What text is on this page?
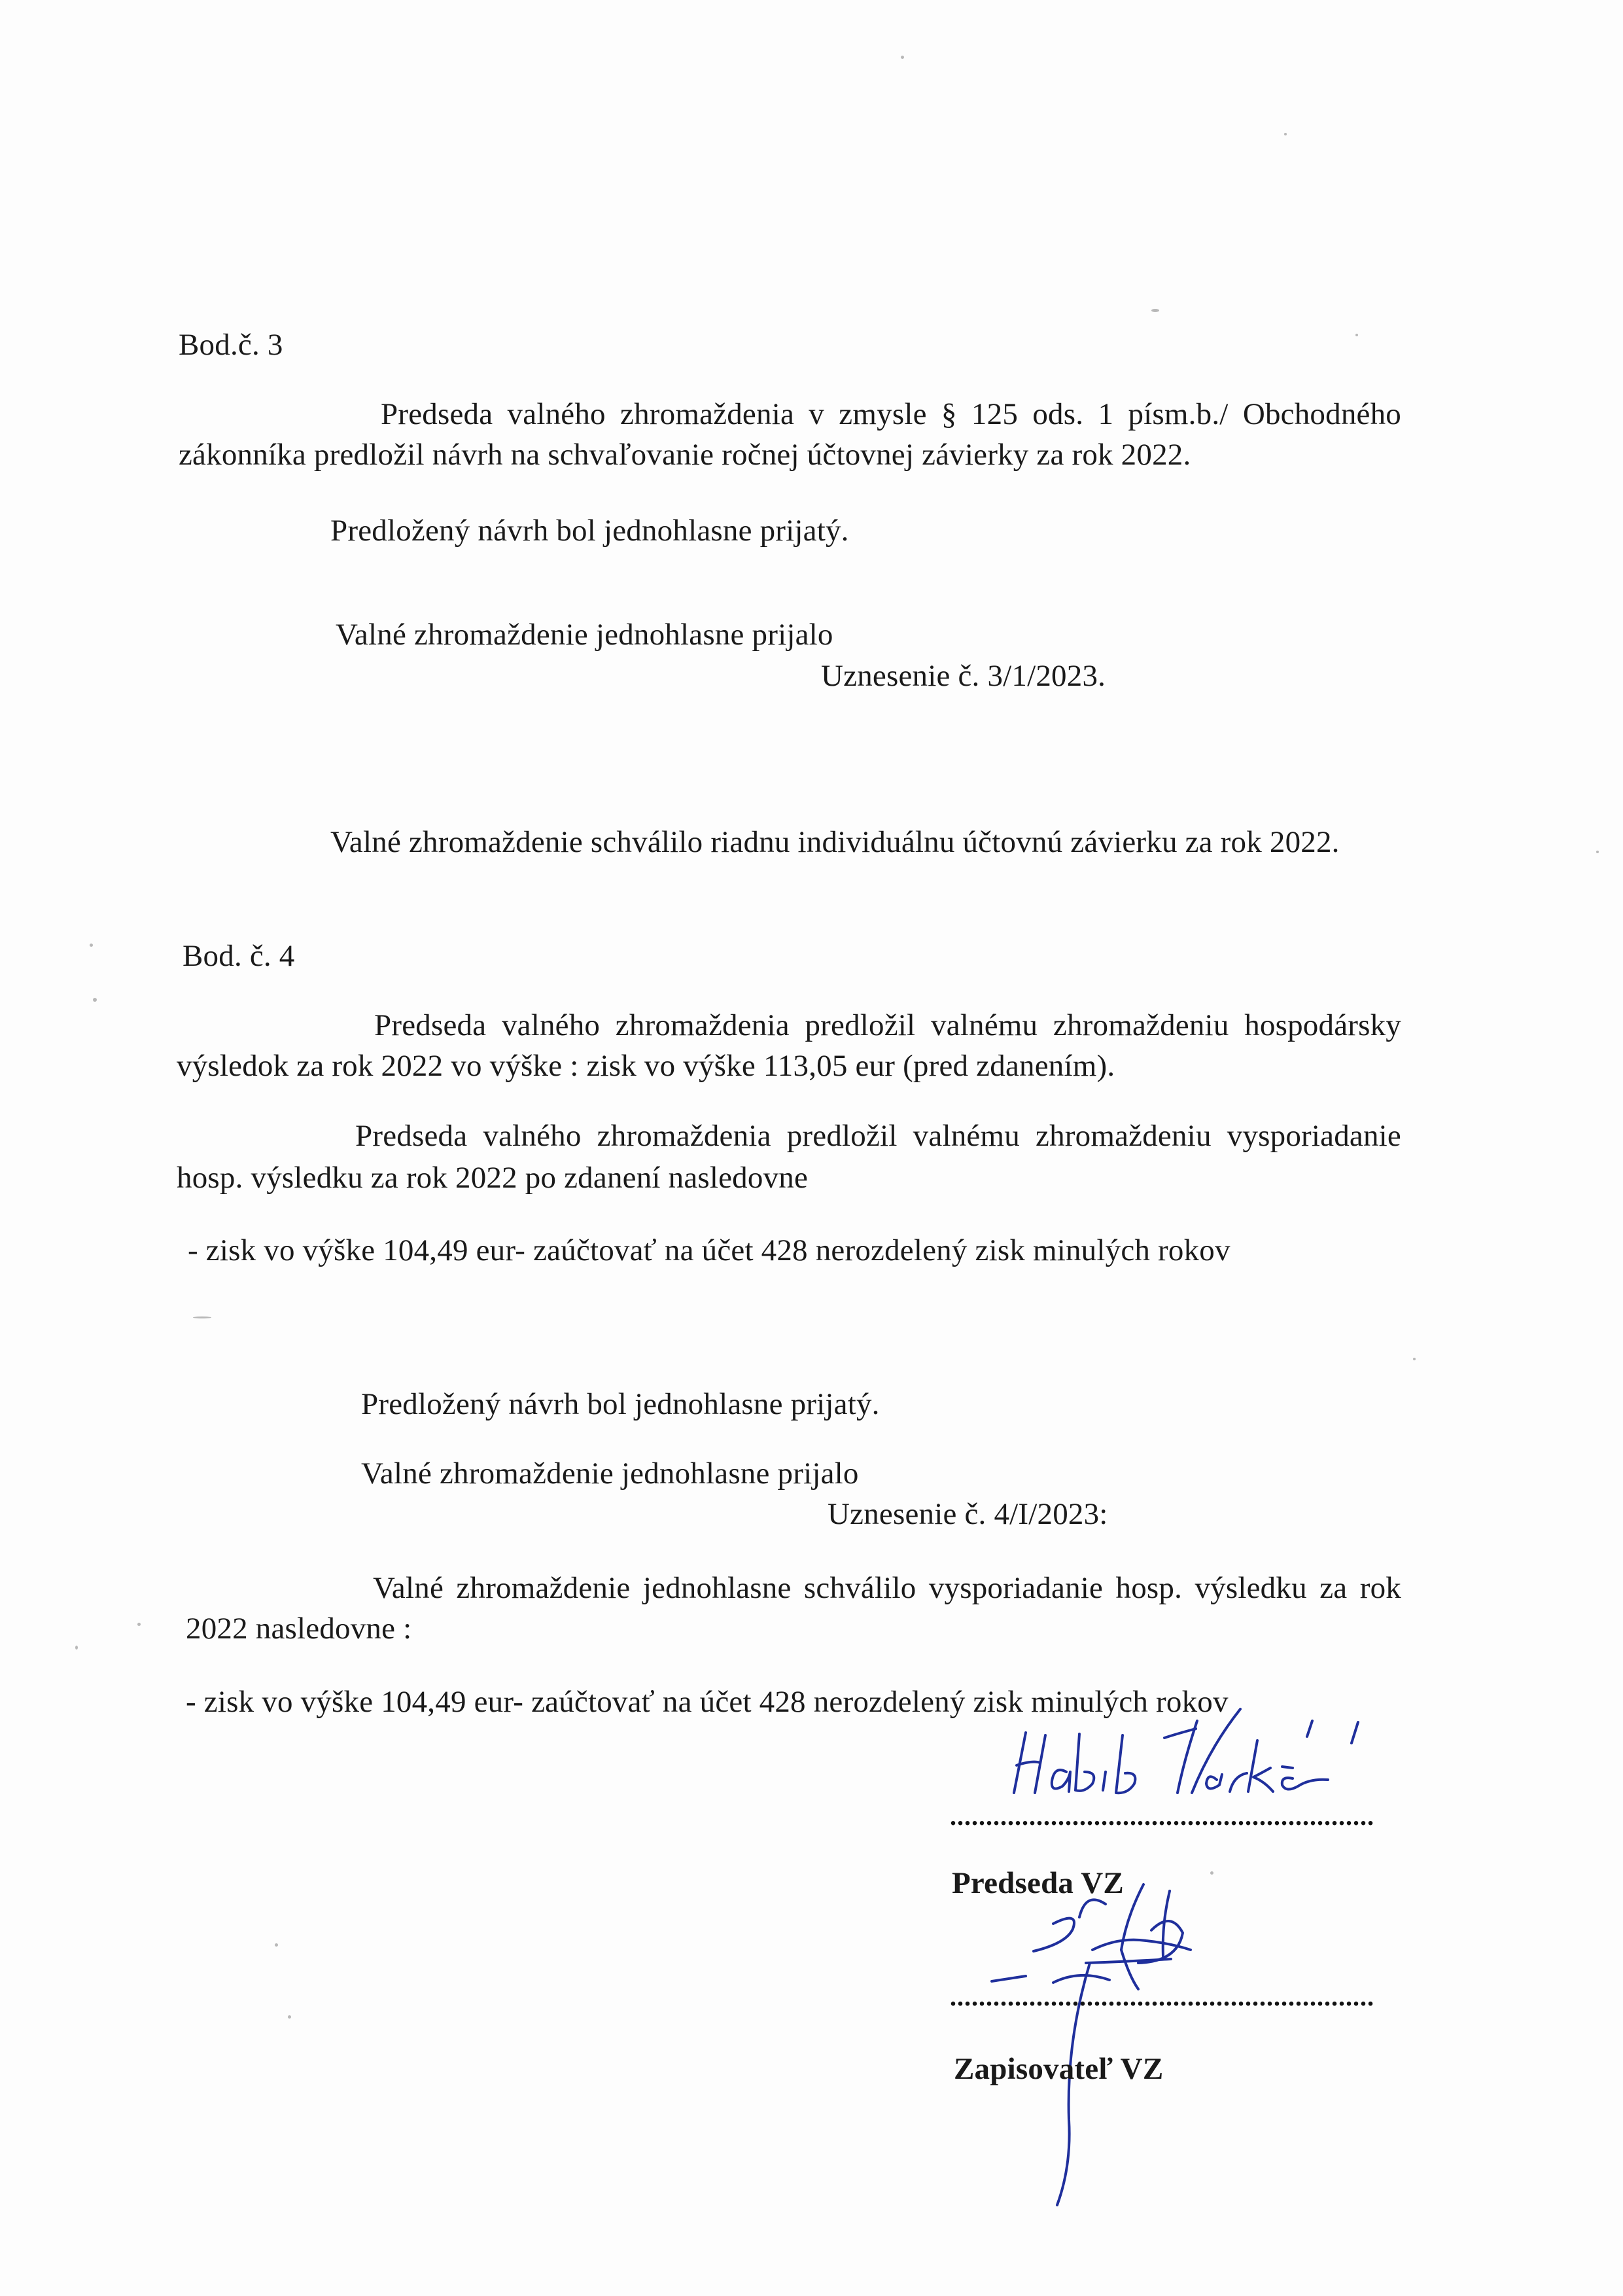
Bod.č. 3
Predseda valného zhromaždenia v zmysle § 125 ods. 1 písm.b./ Obchodného
zákonníka predložil návrh na schvaľovanie ročnej účtovnej závierky za rok 2022.
Predložený návrh bol jednohlasne prijatý.
Valné zhromaždenie jednohlasne prijalo
Uznesenie č. 3/1/2023.
Valné zhromaždenie schválilo riadnu individuálnu účtovnú závierku za rok 2022.
Bod. č. 4
Predseda valného zhromaždenia predložil valnému zhromaždeniu hospodársky
výsledok za rok 2022 vo výške : zisk vo výške 113,05 eur (pred zdanením).
Predseda valného zhromaždenia predložil valnému zhromaždeniu vysporiadanie
hosp. výsledku za rok 2022 po zdanení nasledovne
- zisk vo výške 104,49 eur- zaúčtovať na účet 428 nerozdelený zisk minulých rokov
Predložený návrh bol jednohlasne prijatý.
Valné zhromaždenie jednohlasne prijalo
Uznesenie č. 4/I/2023:
Valné zhromaždenie jednohlasne schválilo vysporiadanie hosp. výsledku za rok
2022 nasledovne :
- zisk vo výške 104,49 eur- zaúčtovať na účet 428 nerozdelený zisk minulých rokov
...........................................................
Predseda VZ
...........................................................
Zapisovateľ VZ
